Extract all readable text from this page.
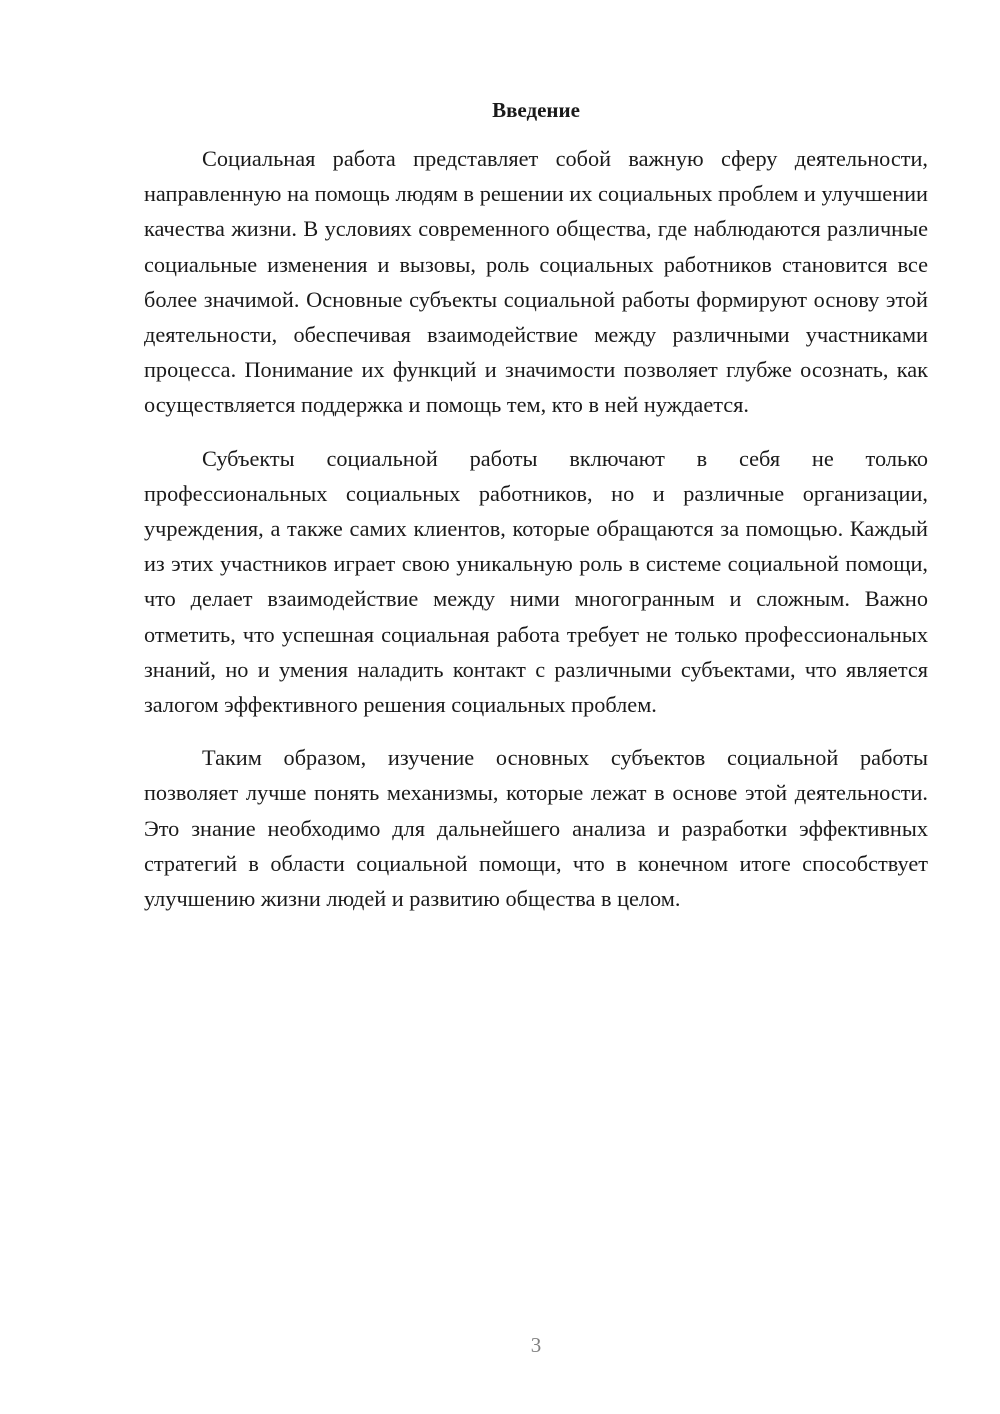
Введение

Социальная работа представляет собой важную сферу деятельности, направленную на помощь людям в решении их социальных проблем и улучшении качества жизни. В условиях современного общества, где наблюдаются различные социальные изменения и вызовы, роль социальных работников становится все более значимой. Основные субъекты социальной работы формируют основу этой деятельности, обеспечивая взаимодействие между различными участниками процесса. Понимание их функций и значимости позволяет глубже осознать, как осуществляется поддержка и помощь тем, кто в ней нуждается.

Субъекты социальной работы включают в себя не только профессиональных социальных работников, но и различные организации, учреждения, а также самих клиентов, которые обращаются за помощью. Каждый из этих участников играет свою уникальную роль в системе социальной помощи, что делает взаимодействие между ними многогранным и сложным. Важно отметить, что успешная социальная работа требует не только профессиональных знаний, но и умения наладить контакт с различными субъектами, что является залогом эффективного решения социальных проблем.

Таким образом, изучение основных субъектов социальной работы позволяет лучше понять механизмы, которые лежат в основе этой деятельности. Это знание необходимо для дальнейшего анализа и разработки эффективных стратегий в области социальной помощи, что в конечном итоге способствует улучшению жизни людей и развитию общества в целом.

3
